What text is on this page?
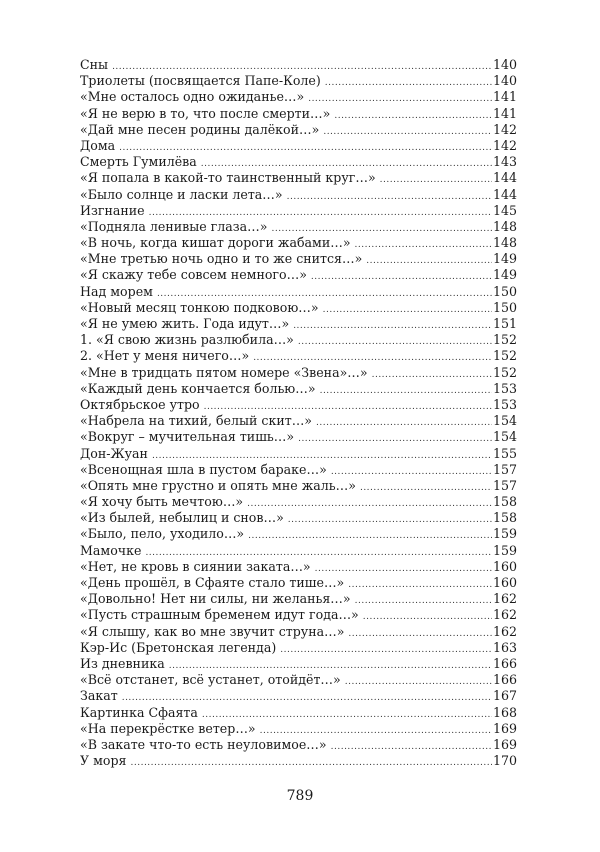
Сны .....	140
Триолеты (посвящается Папе-Коле) .....	140
«Мне осталось одно ожиданье…» .....	141
«Я не верю в то, что после смерти…» .....	141
«Дай мне песен родины далёкой…» .....	142
Дома .....	142
Смерть Гумилёва .....	143
«Я попала в какой-то таинственный круг…» .....	144
«Было солнце и ласки лета…» .....	144
Изгнание .....	145
«Подняла ленивые глаза…» .....	148
«В ночь, когда кишат дороги жабами…» .....	148
«Мне третью ночь одно и то же снится…» .....	149
«Я скажу тебе совсем немного…» .....	149
Над морем .....	150
«Новый месяц тонкою подковою…» .....	150
«Я не умею жить. Года идут…» .....	151
1. «Я свою жизнь разлюбила…» .....	152
2. «Нет у меня ничего…» .....	152
«Мне в тридцать пятом номере «Звена»…» .....	152
«Каждый день кончается болью…» .....	153
Октябрьское утро .....	153
«Набрела на тихий, белый скит…» .....	154
«Вокруг – мучительная тишь…» .....	154
Дон-Жуан .....	155
«Всенощная шла в пустом бараке…» .....	157
«Опять мне грустно и опять мне жаль…» .....	157
«Я хочу быть мечтою…» .....	158
«Из былей, небылиц и снов…» .....	158
«Было, пело, уходило…» .....	159
Мамочке .....	159
«Нет, не кровь в сиянии заката…» .....	160
«День прошёл, в Сфаяте стало тише…» .....	160
«Довольно! Нет ни силы, ни желанья…» .....	162
«Пусть страшным бременем идут года…» .....	162
«Я слышу, как во мне звучит струна…» .....	162
Кэр-Ис (Бретонская легенда) .....	163
Из дневника .....	166
«Всё отстанет, всё устанет, отойдёт…» .....	166
Закат .....	167
Картинка Сфаята .....	168
«На перекрёстке ветер…» .....	169
«В закате что-то есть неуловимое…» .....	169
У моря .....	170
789
